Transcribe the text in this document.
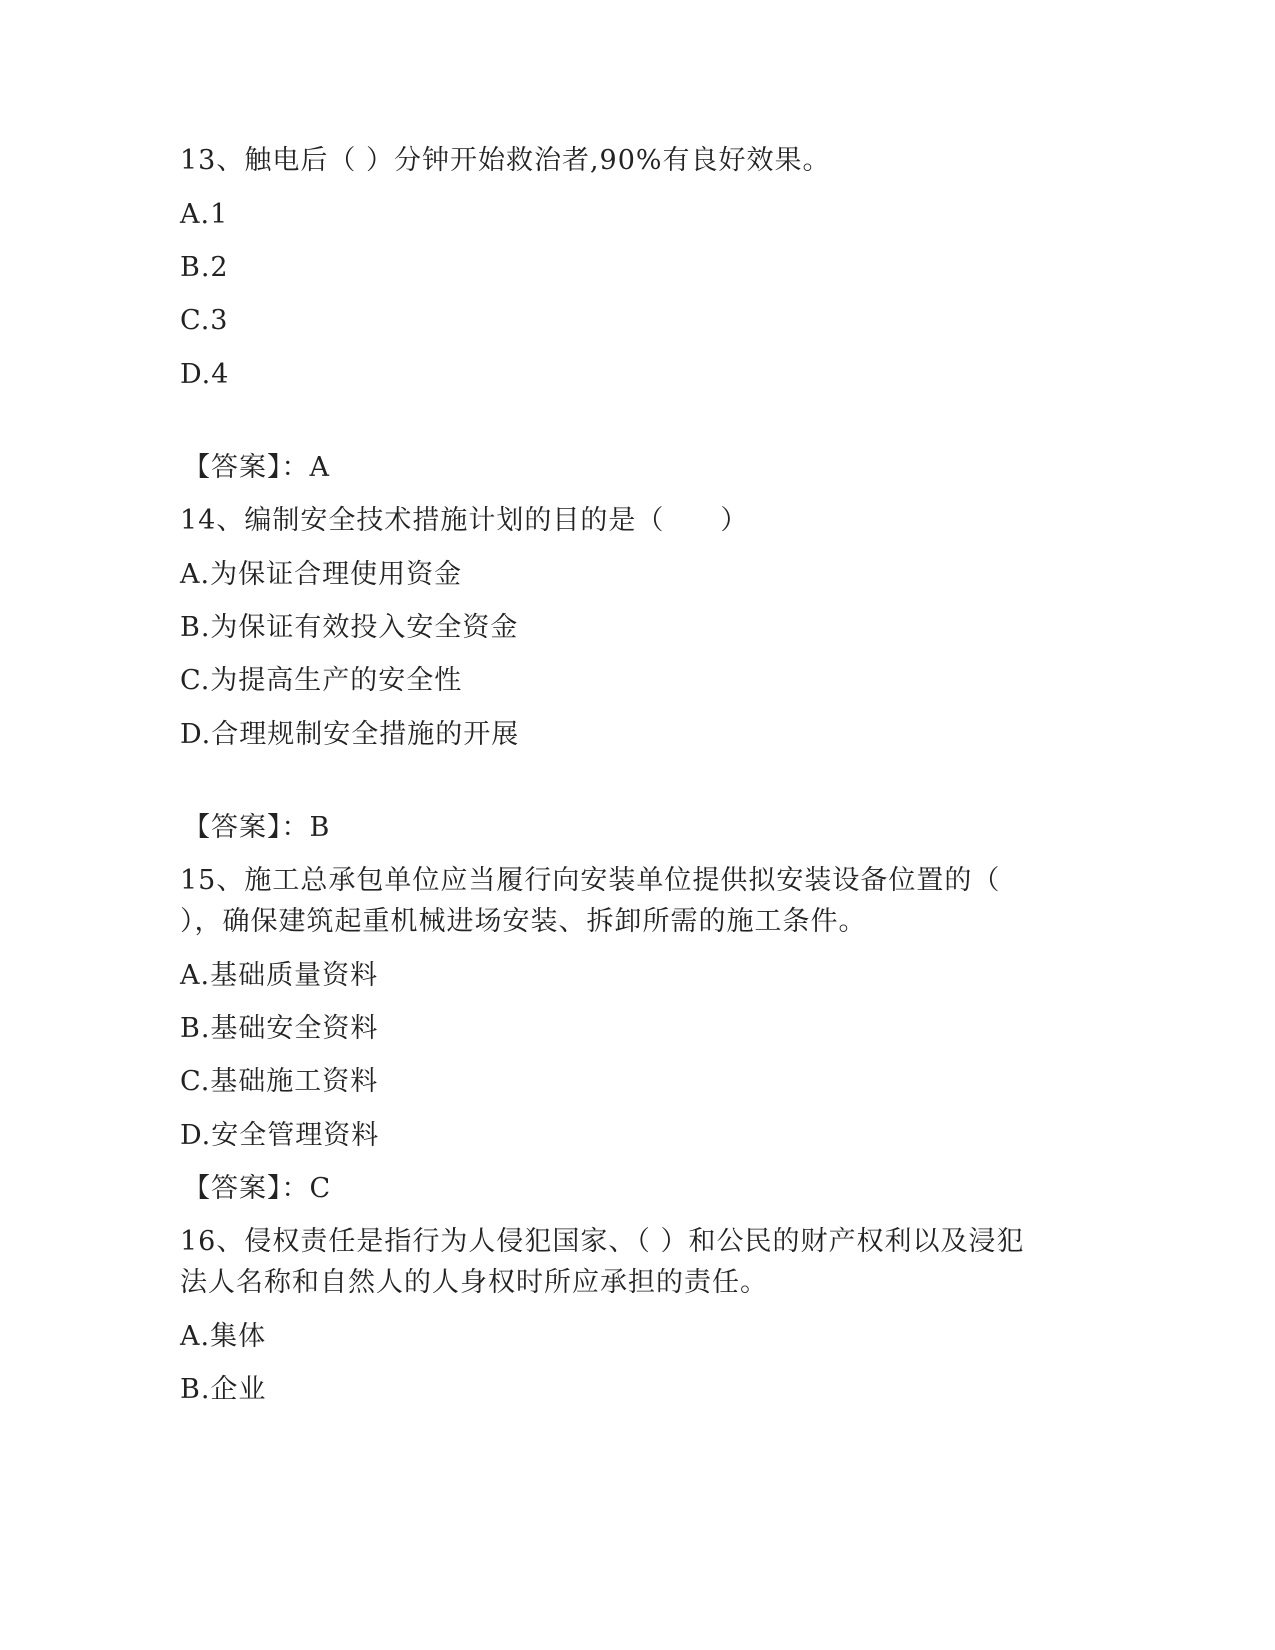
13、触电后（ ）分钟开始救治者,90%有良好效果。
A.1
B.2
C.3
D.4
【答案】：A
14、编制安全技术措施计划的目的是（　　）
A.为保证合理使用资金
B.为保证有效投入安全资金
C.为提高生产的安全性
D.合理规制安全措施的开展
【答案】：B
15、施工总承包单位应当履行向安装单位提供拟安装设备位置的（
），确保建筑起重机械进场安装、拆卸所需的施工条件。
A.基础质量资料
B.基础安全资料
C.基础施工资料
D.安全管理资料
【答案】：C
16、侵权责任是指行为人侵犯国家、（ ）和公民的财产权利以及浸犯
法人名称和自然人的人身权时所应承担的责任。
A.集体
B.企业
